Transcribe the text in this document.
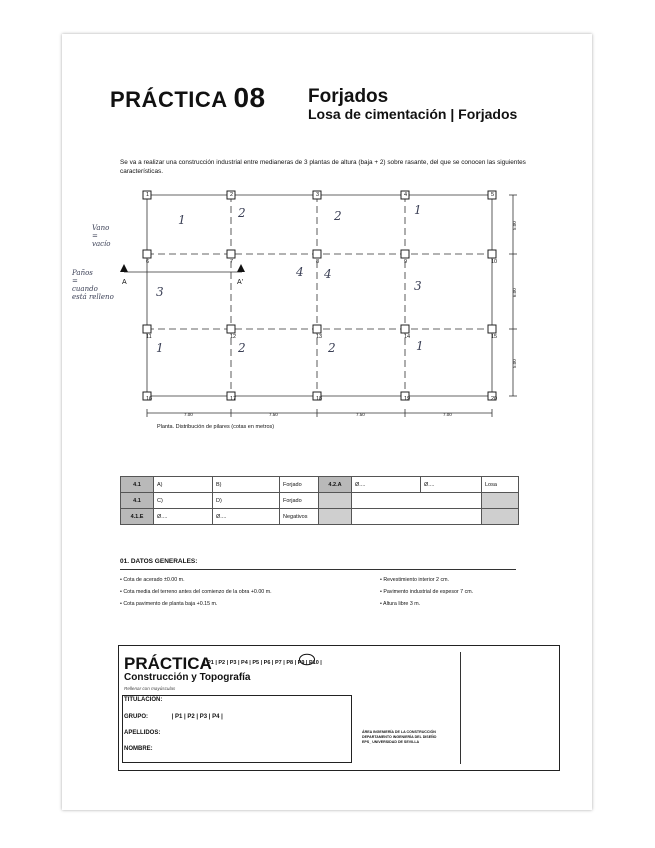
PRÁCTICA 08 Forjados
Losa de cimentación | Forjados
Se va a realizar una construcción industrial entre medianeras de 3 plantas de altura (baja + 2) sobre rasante, del que se conocen las siguientes características.
1	2	3	4	5
6	7	8	9	10
11	12	13	14	15
16	17	18	19	20
A	A'
7.00	7.50	7.50	7.00
5.00
6.00
5.00
1	2	2	1
3
4 4
3
1	2	2	1
Vano
=
vacío
Paños
=
cuando
está relleno
Planta. Distribución de pilares (cotas en metros)
4.1	A)	B)	Forjado	4.2.A	Ø....	Ø....	Losa
4.1	C)	D)	Forjado				
4.1.E	Ø....	Ø....	Negativos				
01. DATOS GENERALES:
• Cota de acerado ±0.00 m.
• Cota media del terreno antes del comienzo de la obra +0.00 m.
• Cota pavimento de planta baja +0.15 m.
• Revestimiento interior 2 cm.
• Pavimento industrial de espesor 7 cm.
• Altura libre 3 m.
PRÁCTICA
| P1 | P2 | P3 | P4 | P5 | P6 | P7 | P8 | P9 | P10 |
Construcción y Topografía
Rellenar con mayúsculas
TITULACIÓN:
GRUPO:	| P1 | P2 | P3 | P4 |
APELLIDOS:
NOMBRE:
ÁREA INGENIERÍA DE LA CONSTRUCCIÓN
DEPARTAMENTO INGENIERÍA DEL DISEÑO
EPS_ UNIVERSIDAD DE SEVILLA
